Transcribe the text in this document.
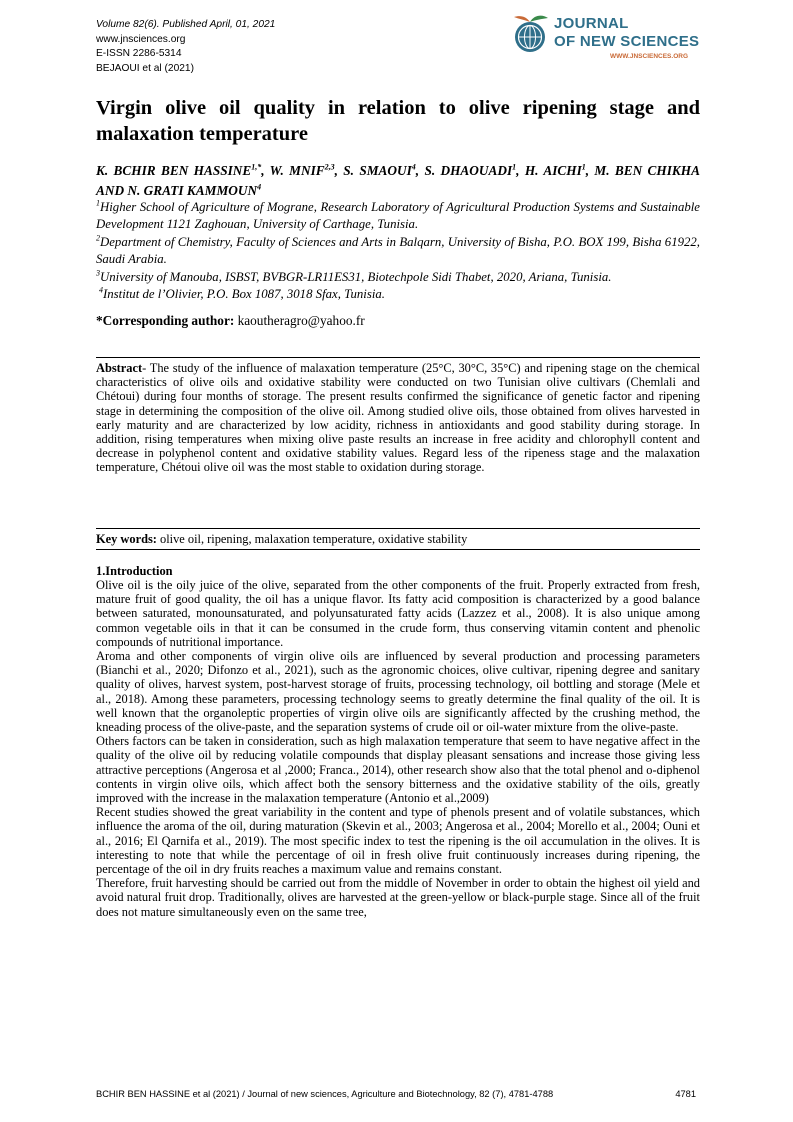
Volume 82(6). Published April, 01, 2021
www.jnsciences.org
E-ISSN 2286-5314
BEJAOUI et al (2021)
JOURNAL
OF NEW SCIENCES
WWW.JNSCIENCES.ORG
Virgin olive oil quality in relation to olive ripening stage and malaxation temperature
K. BCHIR BEN $HASSINE^{1,*}$, W. MNIF$^{2,3}$, S. SMAOUI$^4$, S. DHAOUADI$^1$, H. AICHI$^1$, M. BEN CHIKHA AND N. GRATI KAMMOUN$^4$

$^1$Higher School of Agriculture of Mograne, Research Laboratory of Agricultural Production Systems and Sustainable Development 1121 Zaghouan, University of Carthage, Tunisia.

$^2$Department of Chemistry, Faculty of Sciences and Arts in Balqarn, University of Bisha, P.O. BOX 199, Bisha 61922, Saudi Arabia.

$^3$University of Manouba, ISBST, BVBGR-LR11ES31, Biotechpole Sidi Thabet, 2020, Ariana, Tunisia.

$^4$Institut de l’Olivier, P.O. Box 1087, 3018 Sfax, Tunisia.

*Corresponding author: kaoutheragro@yahoo.fr
Abstract- The study of the influence of malaxation temperature (25°C, 30°C, 35°C) and ripening stage on the chemical characteristics of olive oils and oxidative stability were conducted on two Tunisian olive cultivars (Chemlali and Chétoui) during four months of storage. The present results confirmed the significance of genetic factor and ripening stage in determining the composition of the olive oil. Among studied olive oils, those obtained from olives harvested in early maturity and are characterized by low acidity, richness in antioxidants and good stability during storage. In addition, rising temperatures when mixing olive paste results an increase in free acidity and chlorophyll content and decrease in polyphenol content and oxidative stability values. Regard less of the ripeness stage and the malaxation temperature, Chétoui olive oil was the most stable to oxidation during storage.
Key words: olive oil, ripening, malaxation temperature, oxidative stability
1.Introduction

Olive oil is the oily juice of the olive, separated from the other components of the fruit. Properly extracted from fresh, mature fruit of good quality, the oil has a unique flavor. Its fatty acid composition is characterized by a good balance between saturated, monounsaturated, and polyunsaturated fatty acids (Lazzez et al., 2008). It is also unique among common vegetable oils in that it can be consumed in the crude form, thus conserving vitamin content and phenolic compounds of nutritional importance.

Aroma and other components of virgin olive oils are influenced by several production and processing parameters (Bianchi et al., 2020; Difonzo et al., 2021), such as the agronomic choices, olive cultivar, ripening degree and sanitary quality of olives, harvest system, post-harvest storage of fruits, processing technology, oil bottling and storage (Mele et al., 2018). Among these parameters, processing technology seems to greatly determine the final quality of the oil. It is well known that the organoleptic properties of virgin olive oils are significantly affected by the crushing method, the kneading process of the olive-paste, and the separation systems of crude oil or oil-water mixture from the olive-paste.

Others factors can be taken in consideration, such as high malaxation temperature that seem to have negative affect in the quality of the olive oil by reducing volatile compounds that display pleasant sensations and increase those giving less attractive perceptions (Angerosa et al ,2000; Franca., 2014), other research show also that the total phenol and o-diphenol contents in virgin olive oils, which affect both the sensory bitterness and the oxidative stability of the oils, greatly improved with the increase in the malaxation temperature (Antonio et al.,2009)

Recent studies showed the great variability in the content and type of phenols present and of volatile substances, which influence the aroma of the oil, during maturation (Skevin et al., 2003; Angerosa et al., 2004; Morello et al., 2004; Ouni et al., 2016; El Qarnifa et al., 2019). The most specific index to test the ripening is the oil accumulation in the olives. It is interesting to note that while the percentage of oil in fresh olive fruit continuously increases during ripening, the percentage of the oil in dry fruits reaches a maximum value and remains constant.

Therefore, fruit harvesting should be carried out from the middle of November in order to obtain the highest oil yield and avoid natural fruit drop. Traditionally, olives are harvested at the green-yellow or black-purple stage. Since all of the fruit does not mature simultaneously even on the same tree,

BCHIR BEN HASSINE et al (2021) / Journal of new sciences, Agriculture and Biotechnology, 82 (7), 4781-4788	4781
